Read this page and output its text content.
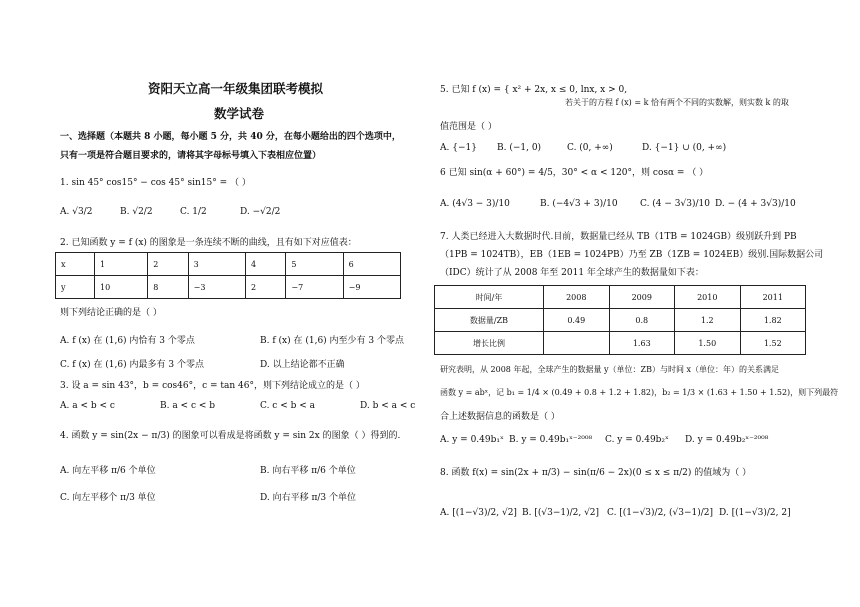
资阳天立高一年级集团联考模拟
数学试卷
一、选择题（本题共 8 小题，每小题 5 分，共 40 分，在每小题给出的四个选项中，
只有一项是符合题目要求的，请将其字母标号填入下表相应位置）
1. sin 45° cos15° − cos 45° sin15° = （ ）
A. √3/2	B. √2/2	C. 1/2	D. −√2/2
2. 已知函数 y = f (x) 的图象是一条连续不断的曲线，且有如下对应值表：
x	1	2	3	4	5	6
y	10	8	−3	2	−7	−9
则下列结论正确的是（ ）
A. f (x) 在 (1,6) 内恰有 3 个零点	B. f (x) 在 (1,6) 内至少有 3 个零点
C. f (x) 在 (1,6) 内最多有 3 个零点	D. 以上结论都不正确
3. 设 a = sin 43°，b = cos46°，c = tan 46°，则下列结论成立的是（ ）
A. a < b < c	B. a < c < b	C. c < b < a	D. b < a < c
4. 函数 y = sin(2x − π/3) 的图象可以看成是将函数 y = sin 2x 的图象（ ）得到的.
A. 向左平移 π/6 个单位	B. 向右平移 π/6 个单位
C. 向左平移个 π/3 单位	D. 向右平移 π/3 个单位
5. 已知 f (x) = { x² + 2x, x ≤ 0, lnx, x > 0,
若关于的方程 f (x) = k 恰有两个不同的实数解，则实数 k 的取
值范围是（ ）
A. {−1} B. (−1, 0)	C. (0, +∞)	D. {−1} ∪ (0, +∞)
6 已知 sin(α + 60°) = 4/5，30° < α < 120°，则 cosα = （ ）
A. (4√3 − 3)/10	B. (−4√3 + 3)/10 C. (4 − 3√3)/10 D. − (4 + 3√3)/10
7. 人类已经进入大数据时代.目前，数据量已经从 TB（1TB = 1024GB）级别跃升到 PB
（1PB = 1024TB），EB（1EB = 1024PB）乃至 ZB（1ZB = 1024EB）级别.国际数据公司
（IDC）统计了从 2008 年至 2011 年全球产生的数据量如下表：
时间/年	2008	2009	2010	2011
数据量/ZB	0.49	0.8	1.2	1.82
增长比例		1.63	1.50	1.52
研究表明，从 2008 年起，全球产生的数据量 y（单位：ZB）与时间 x（单位：年）的关系满足
函数 y = abˣ，记 b₁ = 1/4 × (0.49 + 0.8 + 1.2 + 1.82)，b₂ = 1/3 × (1.63 + 1.50 + 1.52)，则下列最符
合上述数据信息的函数是（ ）
A. y = 0.49b₁ˣ B. y = 0.49b₁ˣ⁻²⁰⁰⁸ C. y = 0.49b₂ˣ D. y = 0.49b₂ˣ⁻²⁰⁰⁸
8. 函数 f(x) = sin(2x + π/3) − sin(π/6 − 2x)(0 ≤ x ≤ π/2) 的值域为（ ）
A. [(1−√3)/2, √2] B. [(√3−1)/2, √2] C. [(1−√3)/2, (√3−1)/2] D. [(1−√3)/2, 2]
